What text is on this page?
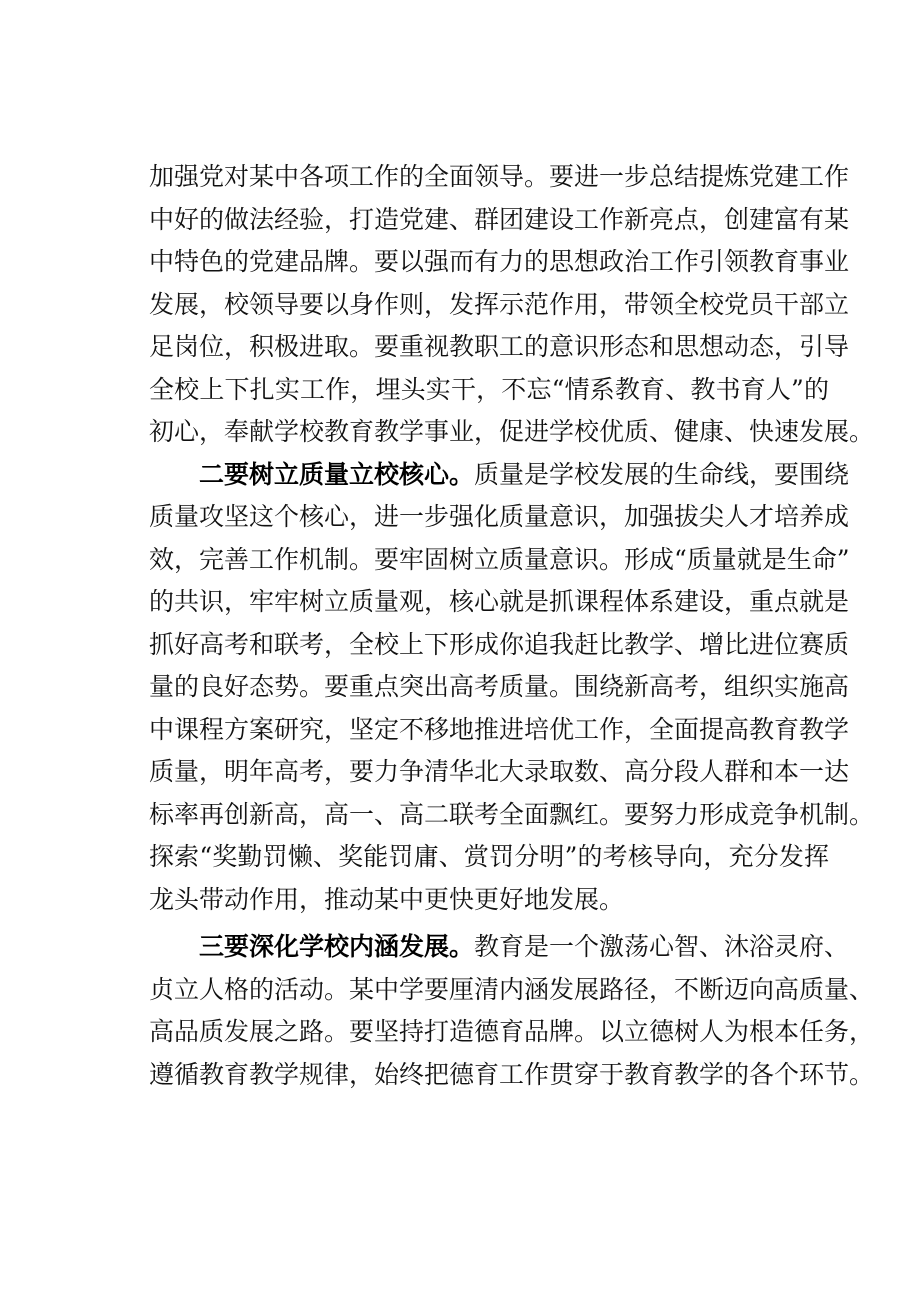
加强党对某中各项工作的全面领导。要进一步总结提炼党建工作
中好的做法经验，打造党建、群团建设工作新亮点，创建富有某
中特色的党建品牌。要以强而有力的思想政治工作引领教育事业
发展，校领导要以身作则，发挥示范作用，带领全校党员干部立
足岗位，积极进取。要重视教职工的意识形态和思想动态，引导
全校上下扎实工作，埋头实干，不忘“情系教育、教书育人”的
初心，奉献学校教育教学事业，促进学校优质、健康、快速发展。
二要树立质量立校核心。质量是学校发展的生命线，要围绕
质量攻坚这个核心，进一步强化质量意识，加强拔尖人才培养成
效，完善工作机制。要牢固树立质量意识。形成“质量就是生命”
的共识，牢牢树立质量观，核心就是抓课程体系建设，重点就是
抓好高考和联考，全校上下形成你追我赶比教学、增比进位赛质
量的良好态势。要重点突出高考质量。围绕新高考，组织实施高
中课程方案研究，坚定不移地推进培优工作，全面提高教育教学
质量，明年高考，要力争清华北大录取数、高分段人群和本一达
标率再创新高，高一、高二联考全面飘红。要努力形成竞争机制。
探索“奖勤罚懒、奖能罚庸、赏罚分明”的考核导向，充分发挥
龙头带动作用，推动某中更快更好地发展。
三要深化学校内涵发展。教育是一个激荡心智、沐浴灵府、
贞立人格的活动。某中学要厘清内涵发展路径，不断迈向高质量、
高品质发展之路。要坚持打造德育品牌。以立德树人为根本任务，
遵循教育教学规律，始终把德育工作贯穿于教育教学的各个环节。
